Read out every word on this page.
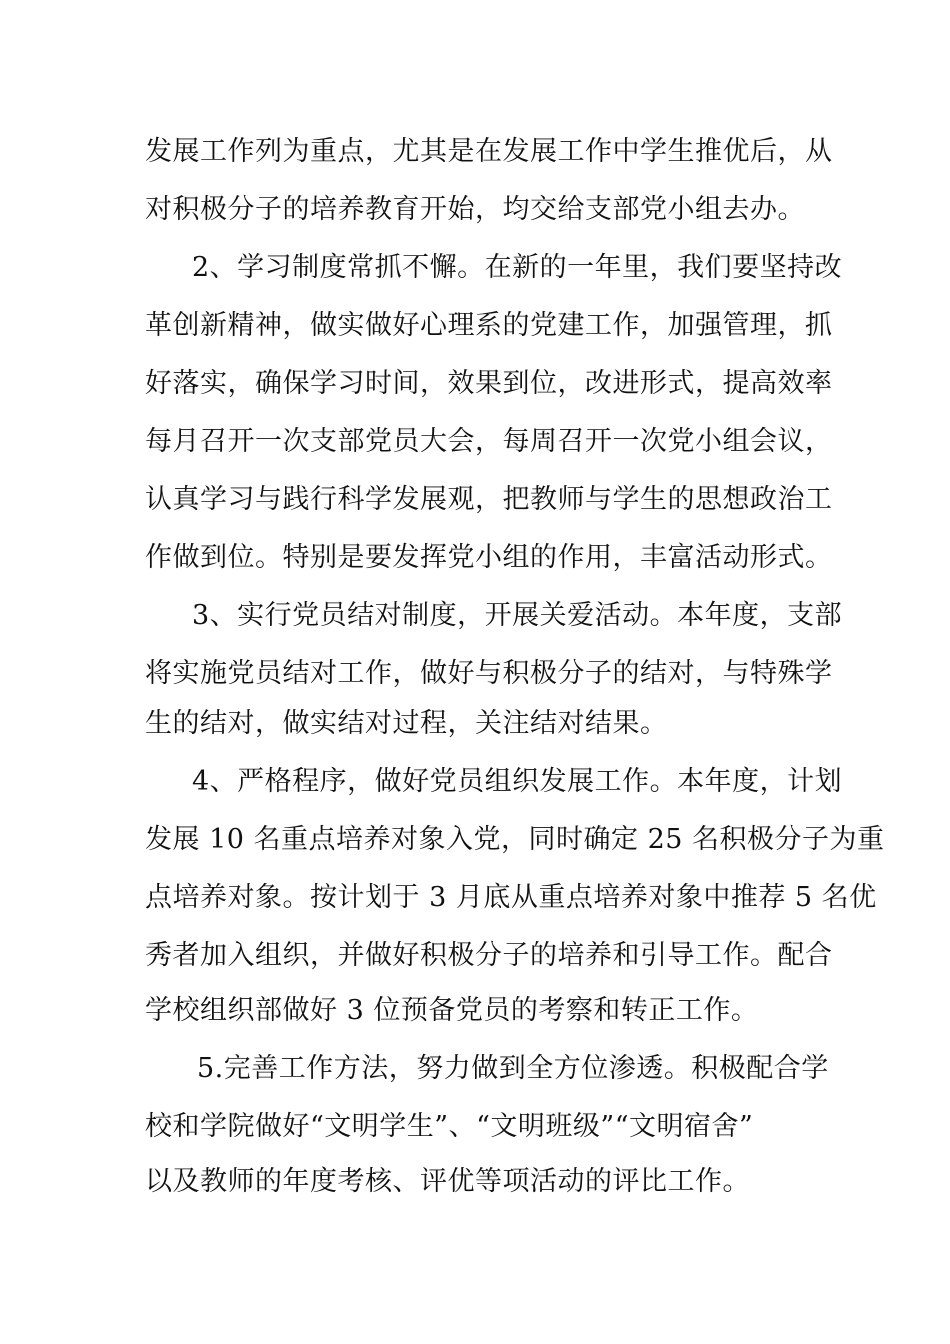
发展工作列为重点，尤其是在发展工作中学生推优后，从
对积极分子的培养教育开始，均交给支部党小组去办。
2、学习制度常抓不懈。在新的一年里，我们要坚持改
革创新精神，做实做好心理系的党建工作，加强管理，抓
好落实，确保学习时间，效果到位，改进形式，提高效率
每月召开一次支部党员大会，每周召开一次党小组会议，
认真学习与践行科学发展观，把教师与学生的思想政治工
作做到位。特别是要发挥党小组的作用，丰富活动形式。
3、实行党员结对制度，开展关爱活动。本年度，支部
将实施党员结对工作，做好与积极分子的结对，与特殊学
生的结对，做实结对过程，关注结对结果。
4、严格程序，做好党员组织发展工作。本年度，计划
发展 10 名重点培养对象入党，同时确定 25 名积极分子为重
点培养对象。按计划于 3 月底从重点培养对象中推荐 5 名优
秀者加入组织，并做好积极分子的培养和引导工作。配合
学校组织部做好 3 位预备党员的考察和转正工作。
5.完善工作方法，努力做到全方位渗透。积极配合学
校和学院做好“文明学生”、“文明班级”“文明宿舍”
以及教师的年度考核、评优等项活动的评比工作。
